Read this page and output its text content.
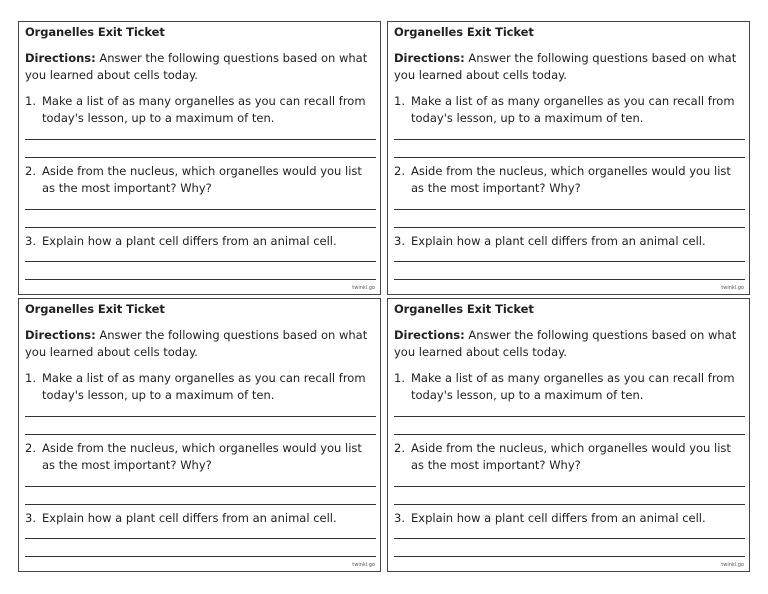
Organelles Exit Ticket
Directions: Answer the following questions based on what you learned about cells today.
1. Make a list of as many organelles as you can recall from today's lesson, up to a maximum of ten.
2. Aside from the nucleus, which organelles would you list as the most important? Why?
3. Explain how a plant cell differs from an animal cell.
twinkl.go
Organelles Exit Ticket
Directions: Answer the following questions based on what you learned about cells today.
1. Make a list of as many organelles as you can recall from today's lesson, up to a maximum of ten.
2. Aside from the nucleus, which organelles would you list as the most important? Why?
3. Explain how a plant cell differs from an animal cell.
twinkl.go
Organelles Exit Ticket
Directions: Answer the following questions based on what you learned about cells today.
1. Make a list of as many organelles as you can recall from today's lesson, up to a maximum of ten.
2. Aside from the nucleus, which organelles would you list as the most important? Why?
3. Explain how a plant cell differs from an animal cell.
twinkl.go
Organelles Exit Ticket
Directions: Answer the following questions based on what you learned about cells today.
1. Make a list of as many organelles as you can recall from today's lesson, up to a maximum of ten.
2. Aside from the nucleus, which organelles would you list as the most important? Why?
3. Explain how a plant cell differs from an animal cell.
twinkl.go
